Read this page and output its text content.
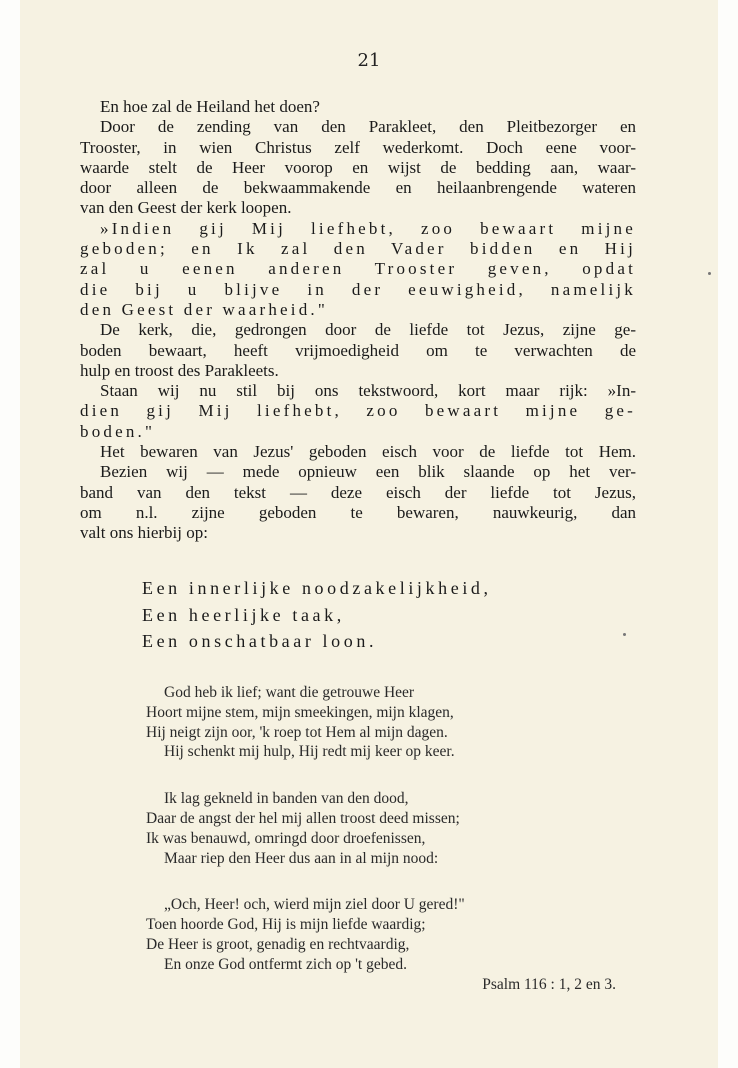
21
En hoe zal de Heiland het doen?
Door de zending van den Parakleet, den Pleitbezorger en
Trooster, in wien Christus zelf wederkomt. Doch eene voor-
waarde stelt de Heer voorop en wijst de bedding aan, waar-
door alleen de bekwaammakende en heilaanbrengende wateren
van den Geest der kerk loopen.
»Indien gij Mij liefhebt, zoo bewaart mijne
geboden; en Ik zal den Vader bidden en Hij
zal u eenen anderen Trooster geven, opdat
die bij u blijve in der eeuwigheid, namelijk
den Geest der waarheid."
De kerk, die, gedrongen door de liefde tot Jezus, zijne ge-
boden bewaart, heeft vrijmoedigheid om te verwachten de
hulp en troost des Parakleets.
Staan wij nu stil bij ons tekstwoord, kort maar rijk: »In-
dien gij Mij liefhebt, zoo bewaart mijne ge-
boden."
Het bewaren van Jezus' geboden eisch voor de liefde tot Hem.
Bezien wij — mede opnieuw een blik slaande op het ver-
band van den tekst — deze eisch der liefde tot Jezus,
om n.l. zijne geboden te bewaren, nauwkeurig, dan
valt ons hierbij op:
Een innerlijke noodzakelijkheid,
Een heerlijke taak,
Een onschatbaar loon.
God heb ik lief; want die getrouwe Heer
Hoort mijne stem, mijn smeekingen, mijn klagen,
Hij neigt zijn oor, 'k roep tot Hem al mijn dagen.
Hij schenkt mij hulp, Hij redt mij keer op keer.
Ik lag gekneld in banden van den dood,
Daar de angst der hel mij allen troost deed missen;
Ik was benauwd, omringd door droefenissen,
Maar riep den Heer dus aan in al mijn nood:
„Och, Heer! och, wierd mijn ziel door U gered!"
Toen hoorde God, Hij is mijn liefde waardig;
De Heer is groot, genadig en rechtvaardig,
En onze God ontfermt zich op 't gebed.
Psalm 116 : 1, 2 en 3.
